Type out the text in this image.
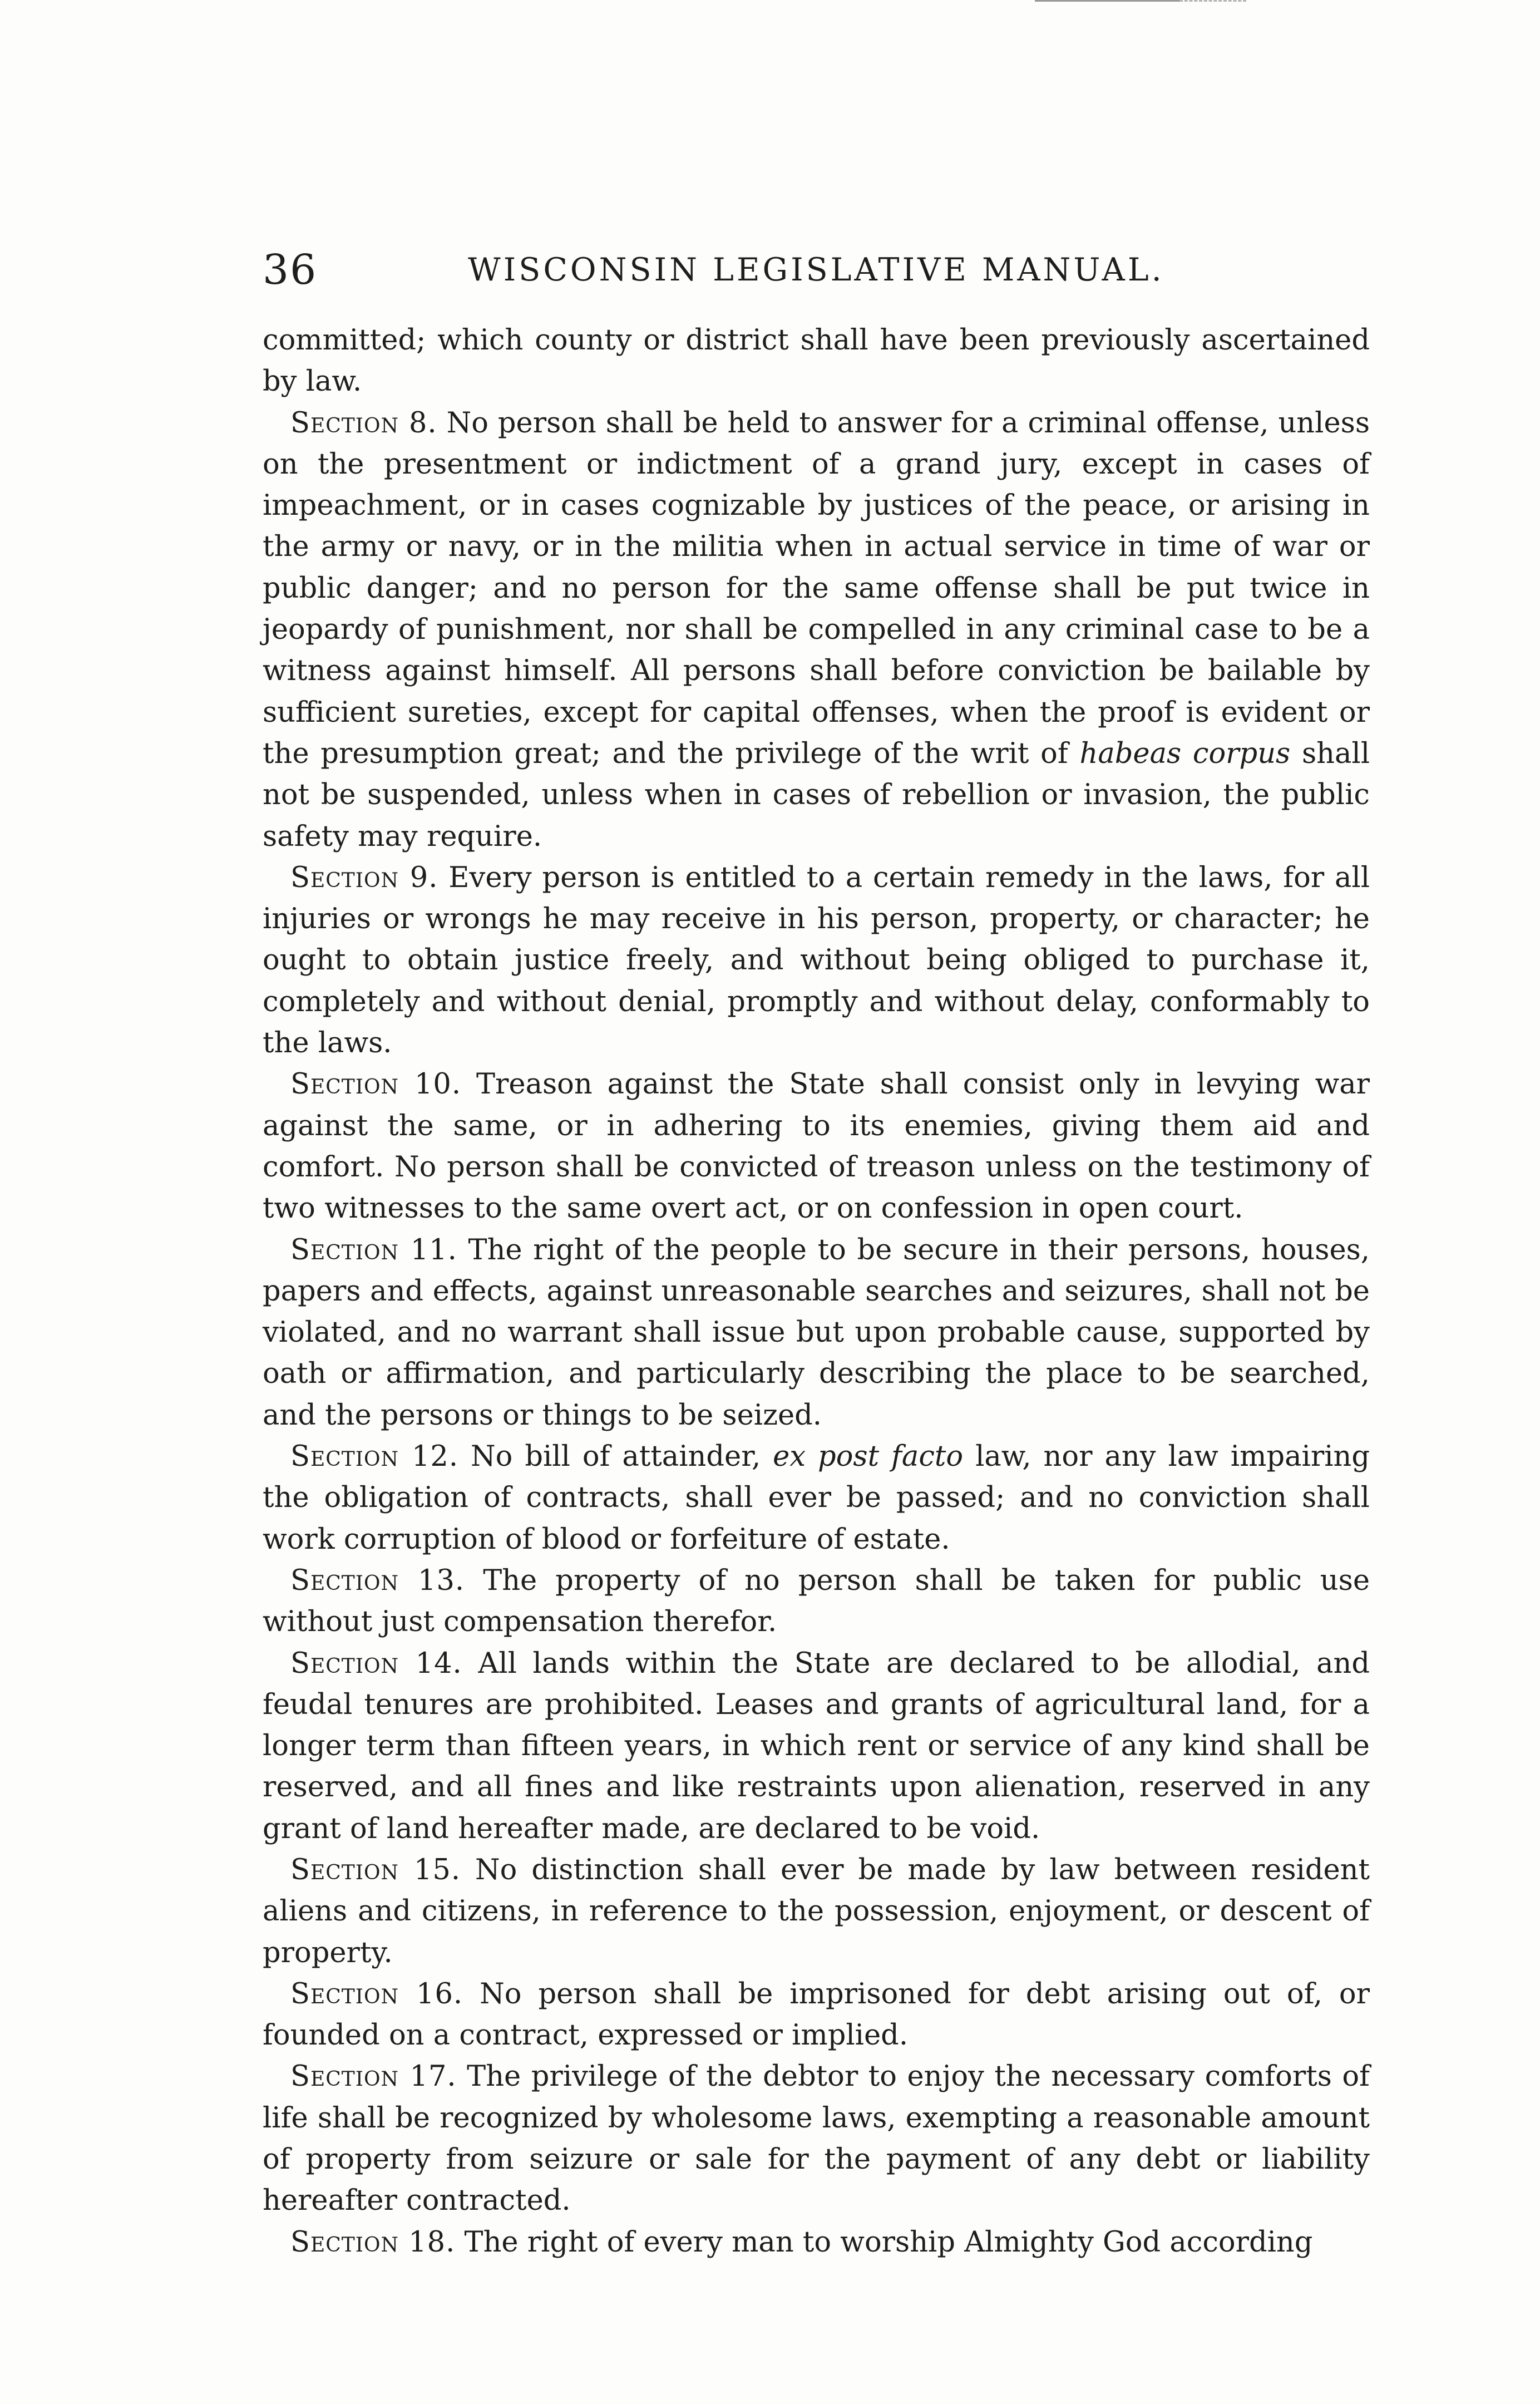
36	WISCONSIN LEGISLATIVE MANUAL.

committed; which county or district shall have been previously ascertained by law.

Section 8. No person shall be held to answer for a criminal offense, unless on the presentment or indictment of a grand jury, except in cases of impeachment, or in cases cognizable by justices of the peace, or arising in the army or navy, or in the militia when in actual service in time of war or public danger; and no person for the same offense shall be put twice in jeopardy of punishment, nor shall be compelled in any criminal case to be a witness against himself. All persons shall before conviction be bailable by sufficient sureties, except for capital offenses, when the proof is evident or the presumption great; and the privilege of the writ of habeas corpus shall not be suspended, unless when in cases of rebellion or invasion, the public safety may require.

Section 9. Every person is entitled to a certain remedy in the laws, for all injuries or wrongs he may receive in his person, property, or character; he ought to obtain justice freely, and without being obliged to purchase it, completely and without denial, promptly and without delay, conformably to the laws.

Section 10. Treason against the State shall consist only in levying war against the same, or in adhering to its enemies, giving them aid and comfort. No person shall be convicted of treason unless on the testimony of two witnesses to the same overt act, or on confession in open court.

Section 11. The right of the people to be secure in their persons, houses, papers and effects, against unreasonable searches and seizures, shall not be violated, and no warrant shall issue but upon probable cause, supported by oath or affirmation, and particularly describing the place to be searched, and the persons or things to be seized.

Section 12. No bill of attainder, ex post facto law, nor any law impairing the obligation of contracts, shall ever be passed; and no conviction shall work corruption of blood or forfeiture of estate.

Section 13. The property of no person shall be taken for public use without just compensation therefor.

Section 14. All lands within the State are declared to be allodial, and feudal tenures are prohibited. Leases and grants of agricultural land, for a longer term than fifteen years, in which rent or service of any kind shall be reserved, and all fines and like restraints upon alienation, reserved in any grant of land hereafter made, are declared to be void.

Section 15. No distinction shall ever be made by law between resident aliens and citizens, in reference to the possession, enjoyment, or descent of property.

Section 16. No person shall be imprisoned for debt arising out of, or founded on a contract, expressed or implied.

Section 17. The privilege of the debtor to enjoy the necessary comforts of life shall be recognized by wholesome laws, exempting a reasonable amount of property from seizure or sale for the payment of any debt or liability hereafter contracted.

Section 18. The right of every man to worship Almighty God according
